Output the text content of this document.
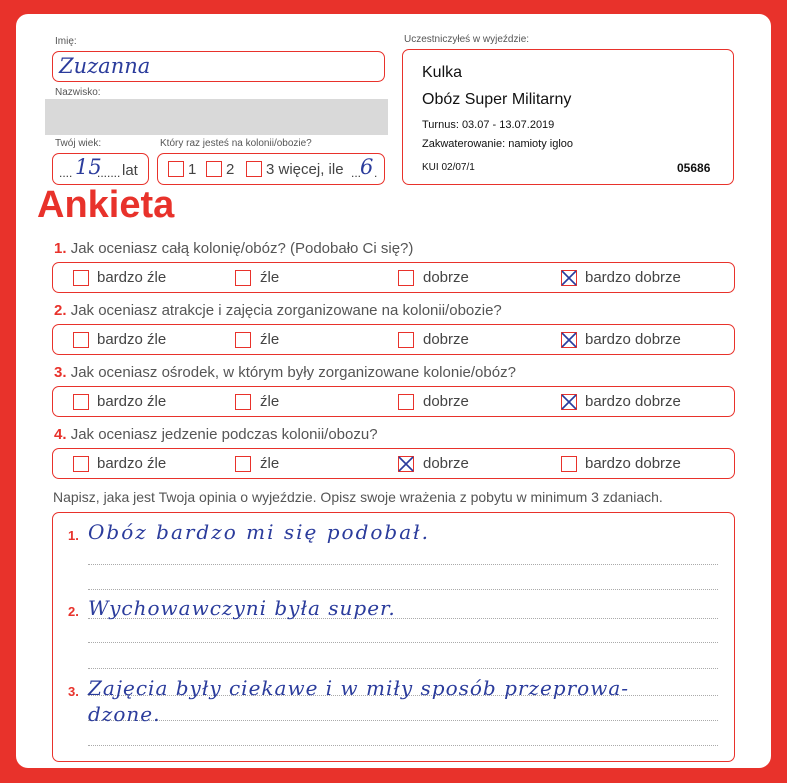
Imię:
Zuzanna
Nazwisko:
Twój wiek:
.... 15
....... lat
Który raz jesteś na kolonii/obozie?
1 2 3 więcej, ile ...
6 .
Uczestniczyłeś w wyjeździe:
Kulka
Obóz Super Militarny
Turnus: 03.07 - 13.07.2019
Zakwaterowanie: namioty igloo
KUI 02/07/1	05686
Ankieta
1. Jak oceniasz całą kolonię/obóz? (Podobało Ci się?)
bardzo źle	źle	dobrze	bardzo dobrze
2. Jak oceniasz atrakcje i zajęcia zorganizowane na kolonii/obozie?
bardzo źle	źle	dobrze	bardzo dobrze
3. Jak oceniasz ośrodek, w którym były zorganizowane kolonie/obóz?
bardzo źle	źle	dobrze	bardzo dobrze
4. Jak oceniasz jedzenie podczas kolonii/obozu?
bardzo źle	źle	dobrze	bardzo dobrze
Napisz, jaka jest Twoja opinia o wyjeździe. Opisz swoje wrażenia z pobytu w minimum 3 zdaniach.
1. Obóz bardzo mi się podobał.
2. Wychowawczyni była super.
3. Zajęcia były ciekawe i w miły sposób przeprowa-
dzone.
